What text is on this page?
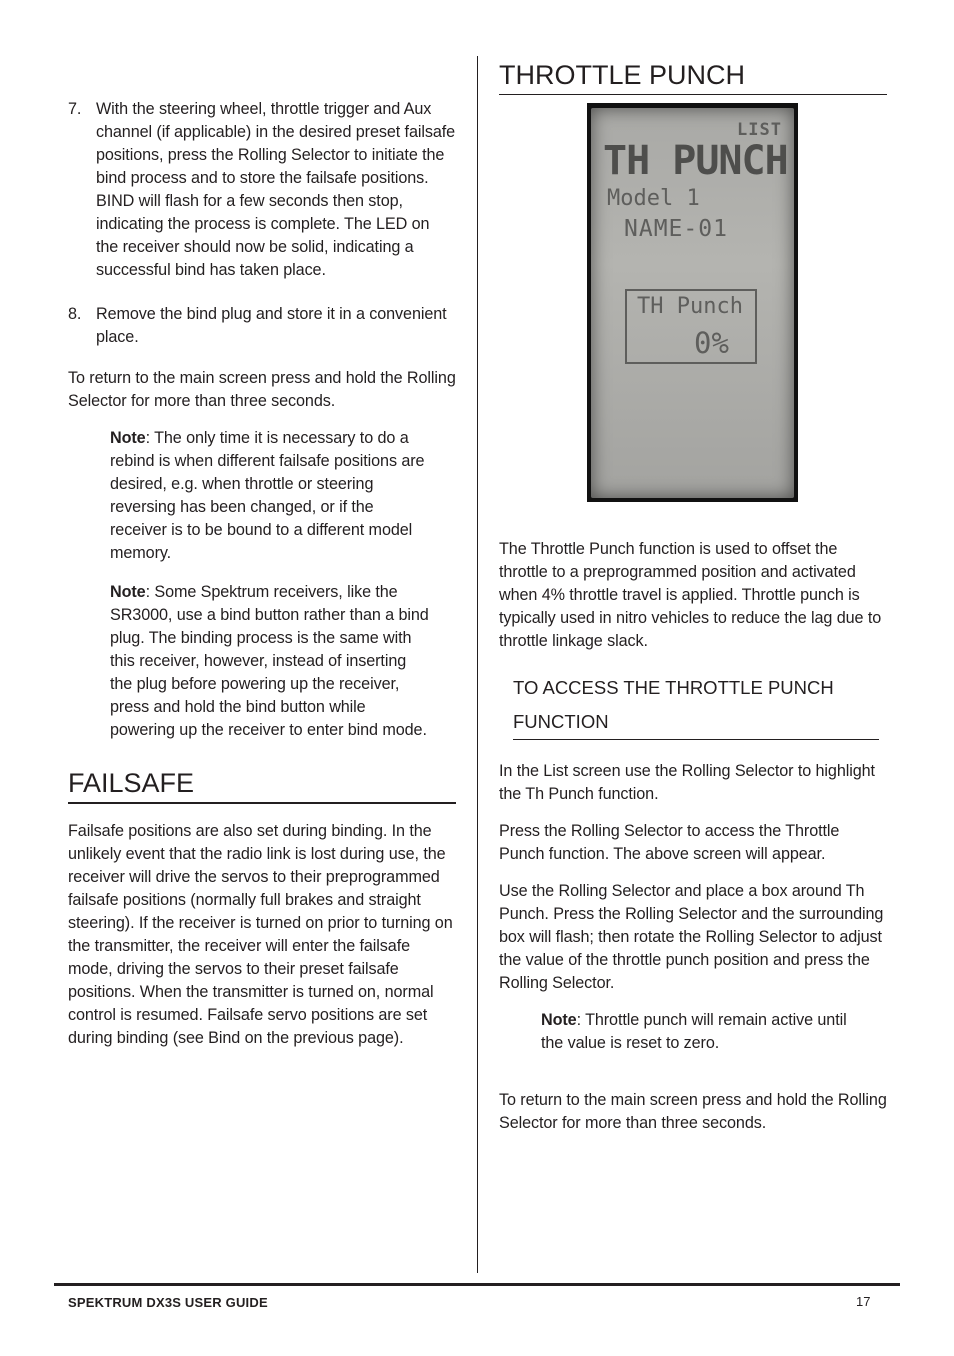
7. With the steering wheel, throttle trigger and Aux channel (if applicable) in the desired preset failsafe positions, press the Rolling Selector to initiate the bind process and to store the failsafe positions. BIND will flash for a few seconds then stop, indicating the process is complete. The LED on the receiver should now be solid, indicating a successful bind has taken place.
8. Remove the bind plug and store it in a convenient place.

To return to the main screen press and hold the Rolling Selector for more than three seconds.

Note: The only time it is necessary to do a rebind is when different failsafe positions are desired, e.g. when throttle or steering reversing has been changed, or if the receiver is to be bound to a different model memory.

Note: Some Spektrum receivers, like the SR3000, use a bind button rather than a bind plug. The binding process is the same with this receiver, however, instead of inserting the plug before powering up the receiver, press and hold the bind button while powering up the receiver to enter bind mode.

FAILSAFE

Failsafe positions are also set during binding. In the unlikely event that the radio link is lost during use, the receiver will drive the servos to their preprogrammed failsafe positions (normally full brakes and straight steering). If the receiver is turned on prior to turning on the transmitter, the receiver will enter the failsafe mode, driving the servos to their preset failsafe positions. When the transmitter is turned on, normal control is resumed. Failsafe servo positions are set during binding (see Bind on the previous page).

THROTTLE PUNCH
LIST
TH PUNCH
Model 1
NAME-01
TH Punch
0%

The Throttle Punch function is used to offset the throttle to a preprogrammed position and activated when 4% throttle travel is applied. Throttle punch is typically used in nitro vehicles to reduce the lag due to throttle linkage slack.

TO ACCESS THE THROTTLE PUNCH
FUNCTION

In the List screen use the Rolling Selector to highlight the Th Punch function.

Press the Rolling Selector to access the Throttle Punch function. The above screen will appear.

Use the Rolling Selector and place a box around Th Punch. Press the Rolling Selector and the surrounding box will flash; then rotate the Rolling Selector to adjust the value of the throttle punch position and press the Rolling Selector.

Note: Throttle punch will remain active until the value is reset to zero.

To return to the main screen press and hold the Rolling Selector for more than three seconds.

SPEKTRUM DX3S USER GUIDE	17
